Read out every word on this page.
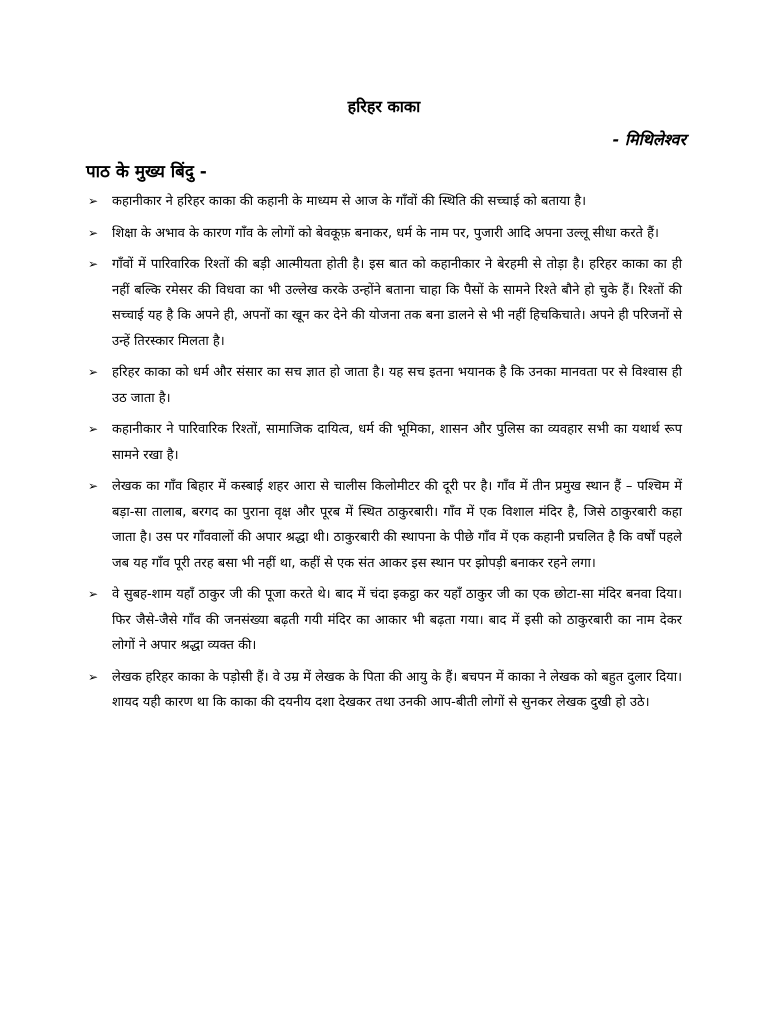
हरिहर काका
- मिथिलेश्वर
पाठ के मुख्य बिंदु -
➢ कहानीकार ने हरिहर काका की कहानी के माध्यम से आज के गाँवों की स्थिति की सच्चाई को बताया है।
➢ शिक्षा के अभाव के कारण गाँव के लोगों को बेवकूफ़ बनाकर, धर्म के नाम पर, पुजारी आदि अपना उल्लू सीधा करते हैं।
➢ गाँवों में पारिवारिक रिश्तों की बड़ी आत्मीयता होती है। इस बात को कहानीकार ने बेरहमी से तोड़ा है। हरिहर काका का ही नहीं बल्कि रमेसर की विधवा का भी उल्लेख करके उन्होंने बताना चाहा कि पैसों के सामने रिश्ते बौने हो चुके हैं। रिश्तों की सच्चाई यह है कि अपने ही, अपनों का खून कर देने की योजना तक बना डालने से भी नहीं हिचकिचाते। अपने ही परिजनों से उन्हें तिरस्कार मिलता है।
➢ हरिहर काका को धर्म और संसार का सच ज्ञात हो जाता है। यह सच इतना भयानक है कि उनका मानवता पर से विश्वास ही उठ जाता है।
➢ कहानीकार ने पारिवारिक रिश्तों, सामाजिक दायित्व, धर्म की भूमिका, शासन और पुलिस का व्यवहार सभी का यथार्थ रूप सामने रखा है।
➢ लेखक का गाँव बिहार में कस्बाई शहर आरा से चालीस किलोमीटर की दूरी पर है। गाँव में तीन प्रमुख स्थान हैं – पश्चिम में बड़ा-सा तालाब, बरगद का पुराना वृक्ष और पूरब में स्थित ठाकुरबारी। गाँव में एक विशाल मंदिर है, जिसे ठाकुरबारी कहा जाता है। उस पर गाँववालों की अपार श्रद्धा थी। ठाकुरबारी की स्थापना के पीछे गाँव में एक कहानी प्रचलित है कि वर्षों पहले जब यह गाँव पूरी तरह बसा भी नहीं था, कहीं से एक संत आकर इस स्थान पर झोपड़ी बनाकर रहने लगा।
➢ वे सुबह-शाम यहाँ ठाकुर जी की पूजा करते थे। बाद में चंदा इकट्ठा कर यहाँ ठाकुर जी का एक छोटा-सा मंदिर बनवा दिया। फिर जैसे-जैसे गाँव की जनसंख्या बढ़ती गयी मंदिर का आकार भी बढ़ता गया। बाद में इसी को ठाकुरबारी का नाम देकर लोगों ने अपार श्रद्धा व्यक्त की।
➢ लेखक हरिहर काका के पड़ोसी हैं। वे उम्र में लेखक के पिता की आयु के हैं। बचपन में काका ने लेखक को बहुत दुलार दिया। शायद यही कारण था कि काका की दयनीय दशा देखकर तथा उनकी आप-बीती लोगों से सुनकर लेखक दुखी हो उठे।
